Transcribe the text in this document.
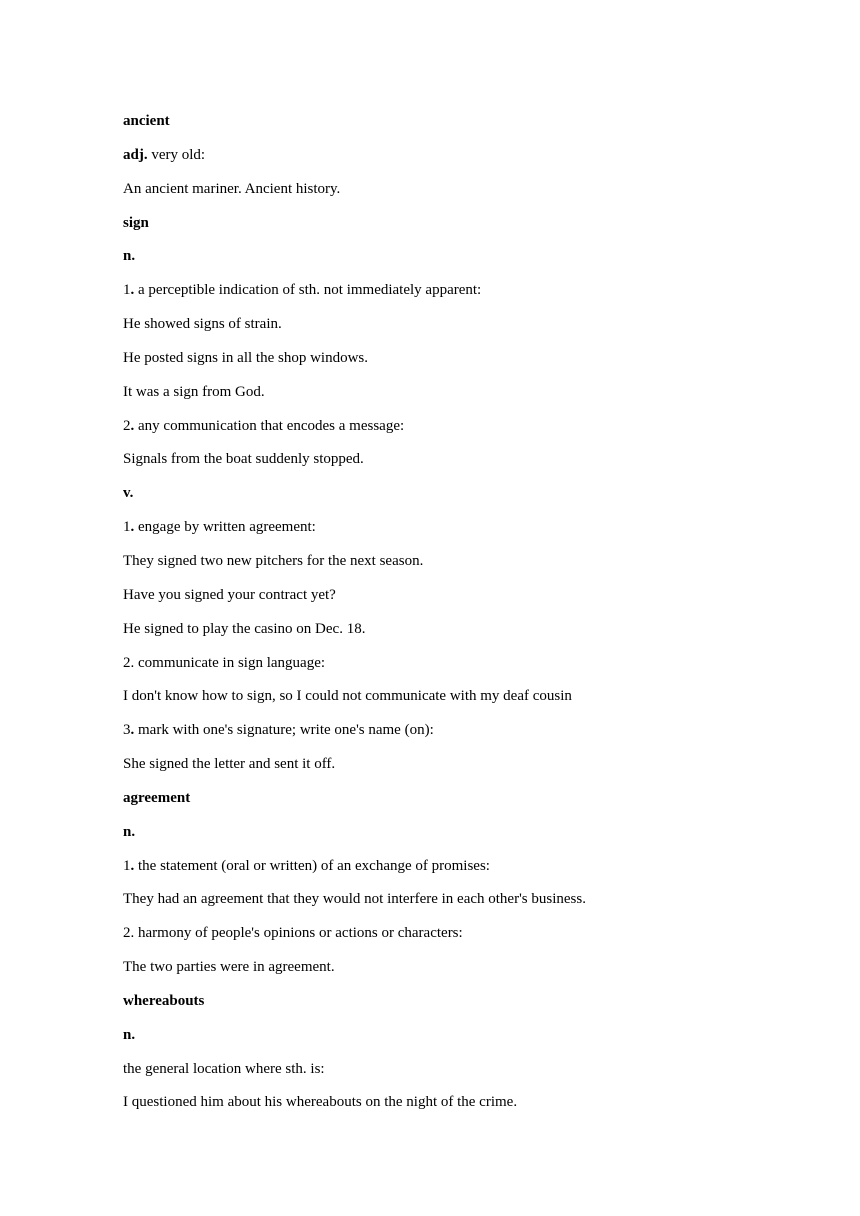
ancient
adj. very old:
An ancient mariner. Ancient history.
sign
n.
1. a perceptible indication of sth. not immediately apparent:
He showed signs of strain.
He posted signs in all the shop windows.
It was a sign from God.
2. any communication that encodes a message:
Signals from the boat suddenly stopped.
v.
1. engage by written agreement:
They signed two new pitchers for the next season.
Have you signed your contract yet?
He signed to play the casino on Dec. 18.
2. communicate in sign language:
I don't know how to sign, so I could not communicate with my deaf cousin
3. mark with one's signature; write one's name (on):
She signed the letter and sent it off.
agreement
n.
1. the statement (oral or written) of an exchange of promises:
They had an agreement that they would not interfere in each other's business.
2. harmony of people's opinions or actions or characters:
The two parties were in agreement.
whereabouts
n.
the general location where sth. is:
I questioned him about his whereabouts on the night of the crime.
